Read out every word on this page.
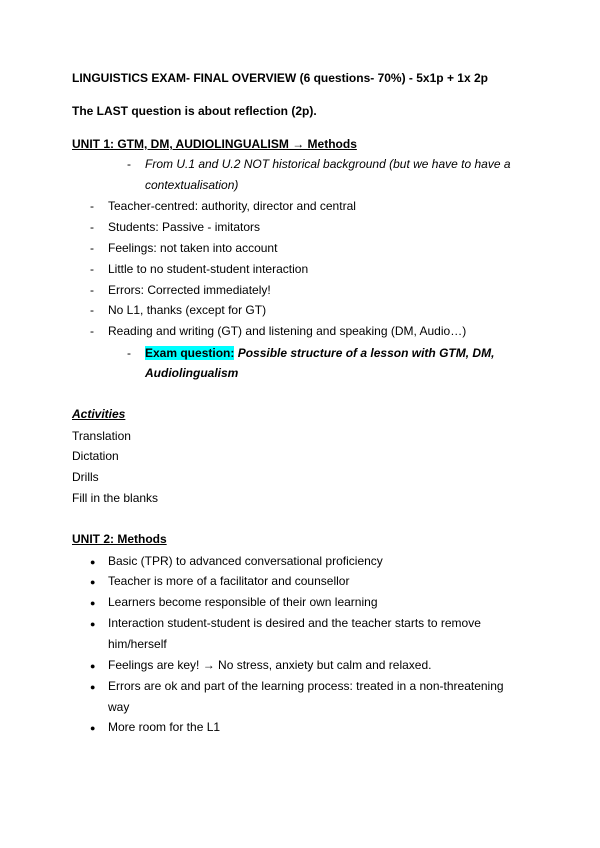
LINGUISTICS EXAM- FINAL OVERVIEW (6 questions- 70%) - 5x1p + 1x 2p
The LAST question is about reflection (2p).
UNIT 1: GTM, DM, AUDIOLINGUALISM → Methods
-	From U.1 and U.2 NOT historical background (but we have to have a
contextualisation)
-	Teacher-centred: authority, director and central
-	Students: Passive - imitators
-	Feelings: not taken into account
-	Little to no student-student interaction
-	Errors: Corrected immediately!
-	No L1, thanks (except for GT)
-	Reading and writing (GT) and listening and speaking (DM, Audio…)
-	Exam question: Possible structure of a lesson with GTM, DM,
Audiolingualism
Activities
Translation
Dictation
Drills
Fill in the blanks
UNIT 2: Methods
● Basic (TPR) to advanced conversational proficiency
● Teacher is more of a facilitator and counsellor
● Learners become responsible of their own learning
● Interaction student-student is desired and the teacher starts to remove
him/herself
● Feelings are key! → No stress, anxiety but calm and relaxed.
● Errors are ok and part of the learning process: treated in a non-threatening
way
● More room for the L1
